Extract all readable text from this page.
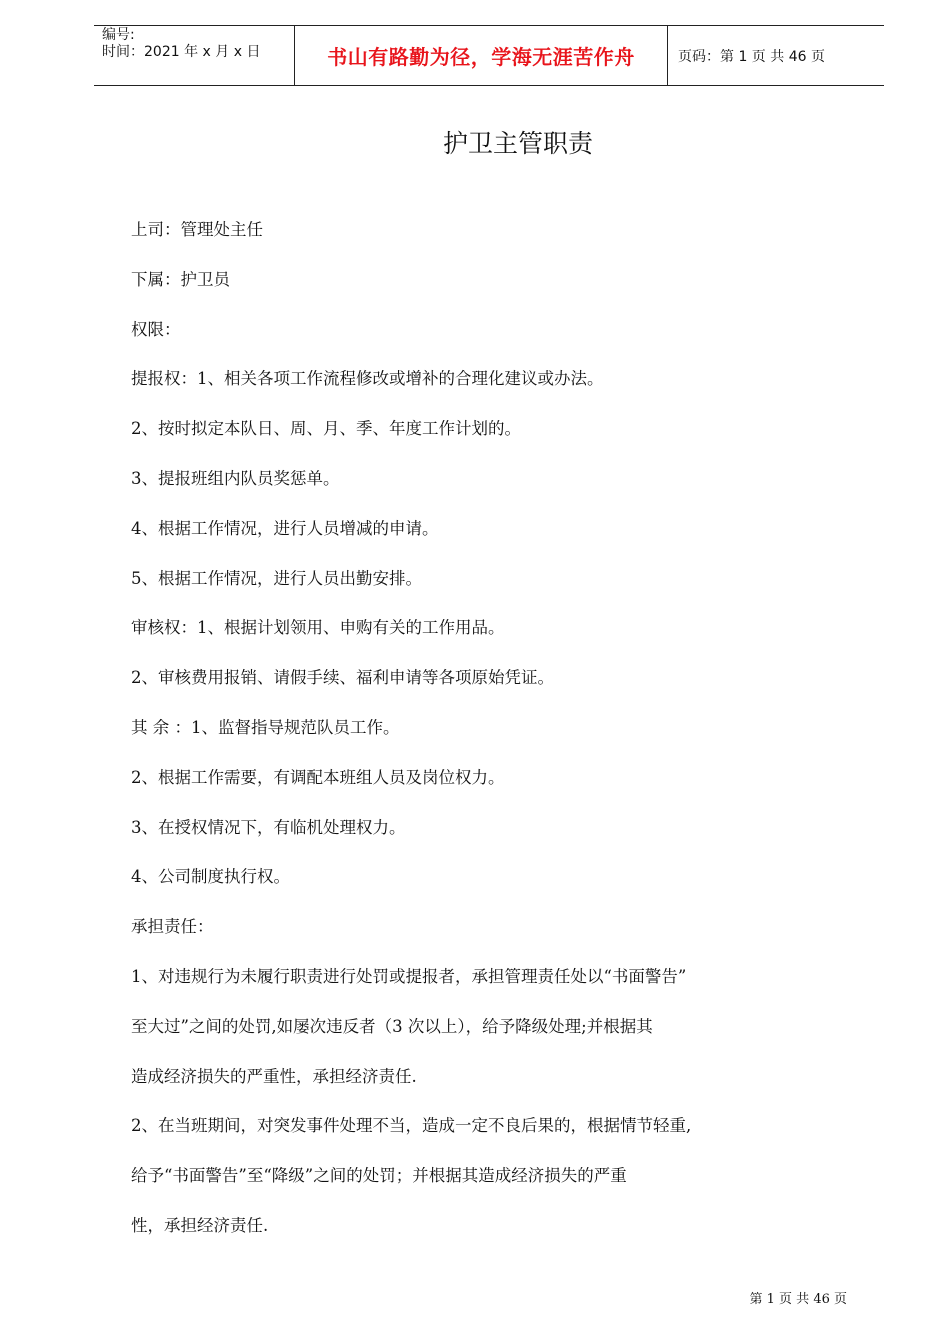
编号:
时间：2021 年 x 月 x 日	书山有路勤为径，学海无涯苦作舟	页码：第 1 页 共 46 页
护卫主管职责
上司：管理处主任
下属：护卫员
权限：
提报权：1、相关各项工作流程修改或增补的合理化建议或办法。
2、按时拟定本队日、周、月、季、年度工作计划的。
3、提报班组内队员奖惩单。
4、根据工作情况，进行人员增减的申请。
5、根据工作情况，进行人员出勤安排。
审核权：1、根据计划领用、申购有关的工作用品。
2、审核费用报销、请假手续、福利申请等各项原始凭证。
其 余 ：1、监督指导规范队员工作。
2、根据工作需要，有调配本班组人员及岗位权力。
3、在授权情况下，有临机处理权力。
4、公司制度执行权。
承担责任：
1、对违规行为未履行职责进行处罚或提报者，承担管理责任处以“书面警告”
至大过”之间的处罚,如屡次违反者（3 次以上），给予降级处理;并根据其
造成经济损失的严重性，承担经济责任.
2、在当班期间，对突发事件处理不当，造成一定不良后果的，根据情节轻重,
给予“书面警告”至“降级”之间的处罚；并根据其造成经济损失的严重
性，承担经济责任.
第 1 页 共 46 页
